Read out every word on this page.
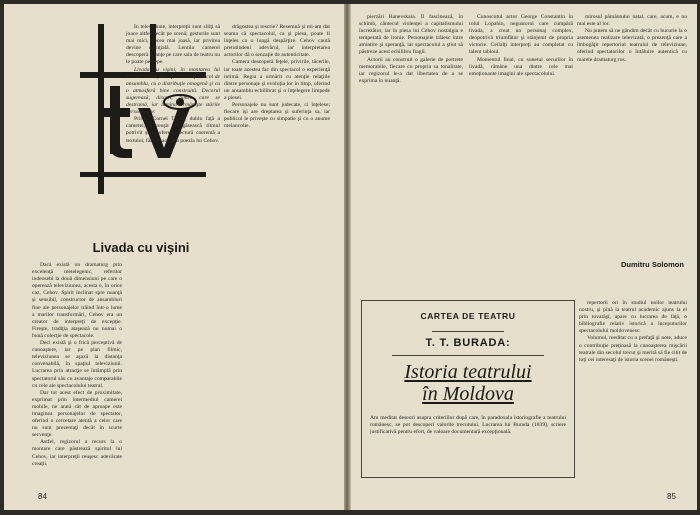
Livada cu vişini

Dacă există un dramaturg prin excelenţă metelegenic, referitor indeosebi la două dimensiuni pe care o operează televiziunea, acesta e, în orice caz, Cehov. Spirit înclinat spre nuanţă şi sensibil, constructor de ansambluri fine ale personajelor trăind într-o lume a marilor transformări, Cehov era un creator de interpreţi de excepţie. Fireşte, tradiţia ataşează nu numai o bună colecţie de spectacole.

Deci există şi o frică perceptivă de cunoaştere, iar pe plan filmic, televiziunea se aşază la distanţa convenabilă, în spaţiul televiziunii. Lucrarea prin atracţie se întâmplă prin spectatorul său cu avantaje comparabile cu cele ale spectacolului teatral.

Dar tot acest efect de proximitate, exprimat prin intermediul camerei mobile, ne arată cât de aproape este imaginea personajelor de spectator, oferind o cercetare atentă a celor care nu sunt prezentaţi decât în scurte secvenţe.

Astfel, regizorul a recurs la o montare care păstrează spiritul lui Cehov, iar interpreţii reuşesc adevărate creaţii.

În televiziune, interpreţii sunt siliţi să joace altfel decât pe scenă; gesturile sunt mai mici, vocea mai joasă, iar privirea devine esenţială. Lentila camerei descoperă nuanţe pe care sala de teatru nu le poate percepe.

Livada cu vişini, în montarea lui Cornel Todea, ne-a părut un spectacol de ansamblu, cu o distribuţie omogenă şi cu o atmosferă bine construită. Decorul sugerează, discret, lumea care se destramă, iar lumina urmăreşte stările personajelor.

Primul Cornel Todea, dublu faţă a camerei, a reuşit să găsească ritmul potrivit şi să ofere o lectură coerentă a textului, fără a sacrifica poezia lui Cehov.

drăgostea şi rescrie? Resemnă şi mi-am dat seama că spectacolul, ca şi piesa, poate fi înţeles ca o lungă despărţire. Cehov caută pretutindeni adevărul, iar interpretarea actorilor dă o senzaţie de autenticitate.

Camera descoperă feţele, privirile, tăcerile, iar toate acestea fac din spectacol o experienţă intimă. Regia a urmărit cu atenţie relaţiile dintre personaje şi evoluţia lor în timp, oferind un ansamblu echilibrat şi o înţelegere limpede a piesei.

Personajele nu sunt judecate, ci înţelese; fiecare îşi are dreptatea şi suferinţa sa, iar publicul le priveşte cu simpatie şi cu o anume melancolie.

84

pierzări Ranevskaia. Îl fascinează, în schimb, cântecul violenţei a capitalismului încrezător, iar în piesa lui Cehov nostalgia e temperată de ironie. Personajele trăiesc între amintire şi speranţă, iar spectacolul a ştiut să păstreze acest echilibru fragil.

Actorii au construit o galerie de portrete memorabile, fiecare cu propria sa tonalitate, iar regizorul le-a dat libertatea de a se exprima în nuanţă.

Cunoscutul actor George Constantin în rolul Lopahin, negustorul care cumpără livada, a creat un personaj complex, deopotrivă triumfător şi stânjenit de propria victorie. Ceilalţi interpreţi au completat cu talent tabloul.

Momentul final, cu sunetul securilor în livadă, rămâne una dintre cele mai emoţionante imagini ale spectacolului.

mirosul pământului natal, care, acum, e nu mai este al lor.

Nu putem să ne gândim decât cu bucurie la o asemenea realizare televizată, o prezenţă care a îmbogăţit repertoriul teatrului de televiziune, oferind spectatorilor o întâlnire autentică cu marele dramaturg rus.

Dumitru Solomon
CARTEA DE TEATRU
T. T. BURADA:
Istoria teatrului
în Moldova
Am meditat deseori asupra criteriilor după care, în paradoxala istoriografie a teatrului românesc, se pot descoperi valorile trecutului. Lucrarea lui Burada (1839), scriere justificativă pentru efort, de valoare documentară excepţională.

repertorii ori în studiul noilor teatrului nostru, şi pînă la teatrul academic ajuns la el prin tovarăşi, apare cu lucrarea de faţă, o bibliografie relativ istorică a începuturilor spectacolului moldovenesc.

Volumul, reeditat cu o prefaţă şi note, aduce o contribuţie preţioasă la cunoaşterea mişcării teatrale din secolul trecut şi merită să fie citit de toţi cei interesaţi de istoria scenei româneşti.

85
